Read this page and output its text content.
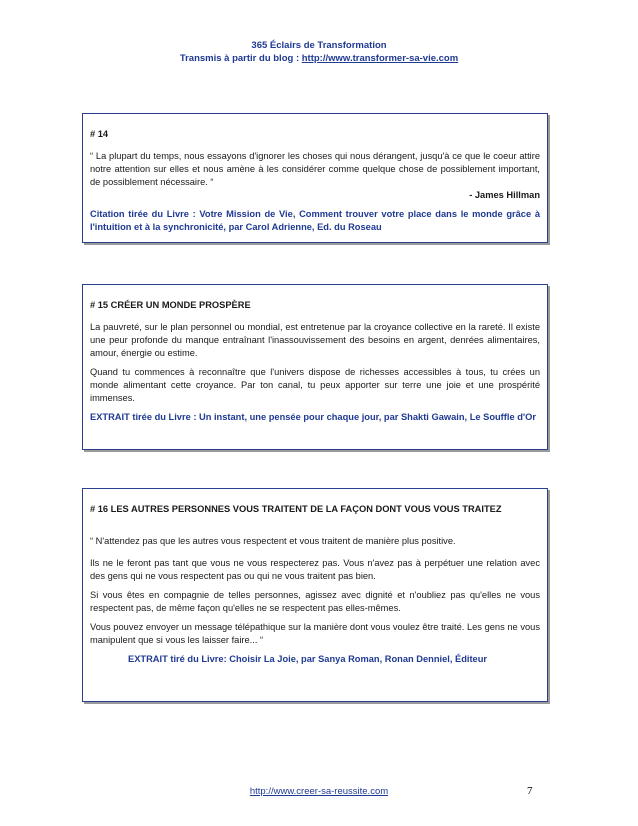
365 Éclairs de Transformation
Transmis à partir du blog : http://www.transformer-sa-vie.com

# 14

“ La plupart du temps, nous essayons d'ignorer les choses qui nous dérangent, jusqu'à ce que le coeur attire notre attention sur elles et nous amène à les considérer comme quelque chose de possiblement important, de possiblement nécessaire. “

- James Hillman

Citation tirée du Livre : Votre Mission de Vie, Comment trouver votre place dans le monde grâce à l'intuition et à la synchronicité, par Carol Adrienne, Ed. du Roseau

# 15 CRÉER UN MONDE PROSPÈRE

La pauvreté, sur le plan personnel ou mondial, est entretenue par la croyance collective en la rareté. Il existe une peur profonde du manque entraînant l'inassouvissement des besoins en argent, denrées alimentaires, amour, énergie ou estime.

Quand tu commences à reconnaître que l'univers dispose de richesses accessibles à tous, tu crées un monde alimentant cette croyance. Par ton canal, tu peux apporter sur terre une joie et une prospérité immenses.

EXTRAIT tirée du Livre : Un instant, une pensée pour chaque jour, par Shakti Gawain, Le Souffle d'Or

# 16 LES AUTRES PERSONNES VOUS TRAITENT DE LA FAÇON DONT VOUS VOUS TRAITEZ

“ N'attendez pas que les autres vous respectent et vous traitent de manière plus positive.

Ils ne le feront pas tant que vous ne vous respecterez pas. Vous n'avez pas à perpétuer une relation avec des gens qui ne vous respectent pas ou qui ne vous traitent pas bien.

Si vous êtes en compagnie de telles personnes, agissez avec dignité et n'oubliez pas qu'elles ne vous respectent pas, de même façon qu'elles ne se respectent pas elles-mêmes.

Vous pouvez envoyer un message télépathique sur la manière dont vous voulez être traité. Les gens ne vous manipulent que si vous les laisser faire... “

EXTRAIT tiré du Livre: Choisir La Joie, par Sanya Roman, Ronan Denniel, Éditeur

http://www.creer-sa-reussite.com	7
